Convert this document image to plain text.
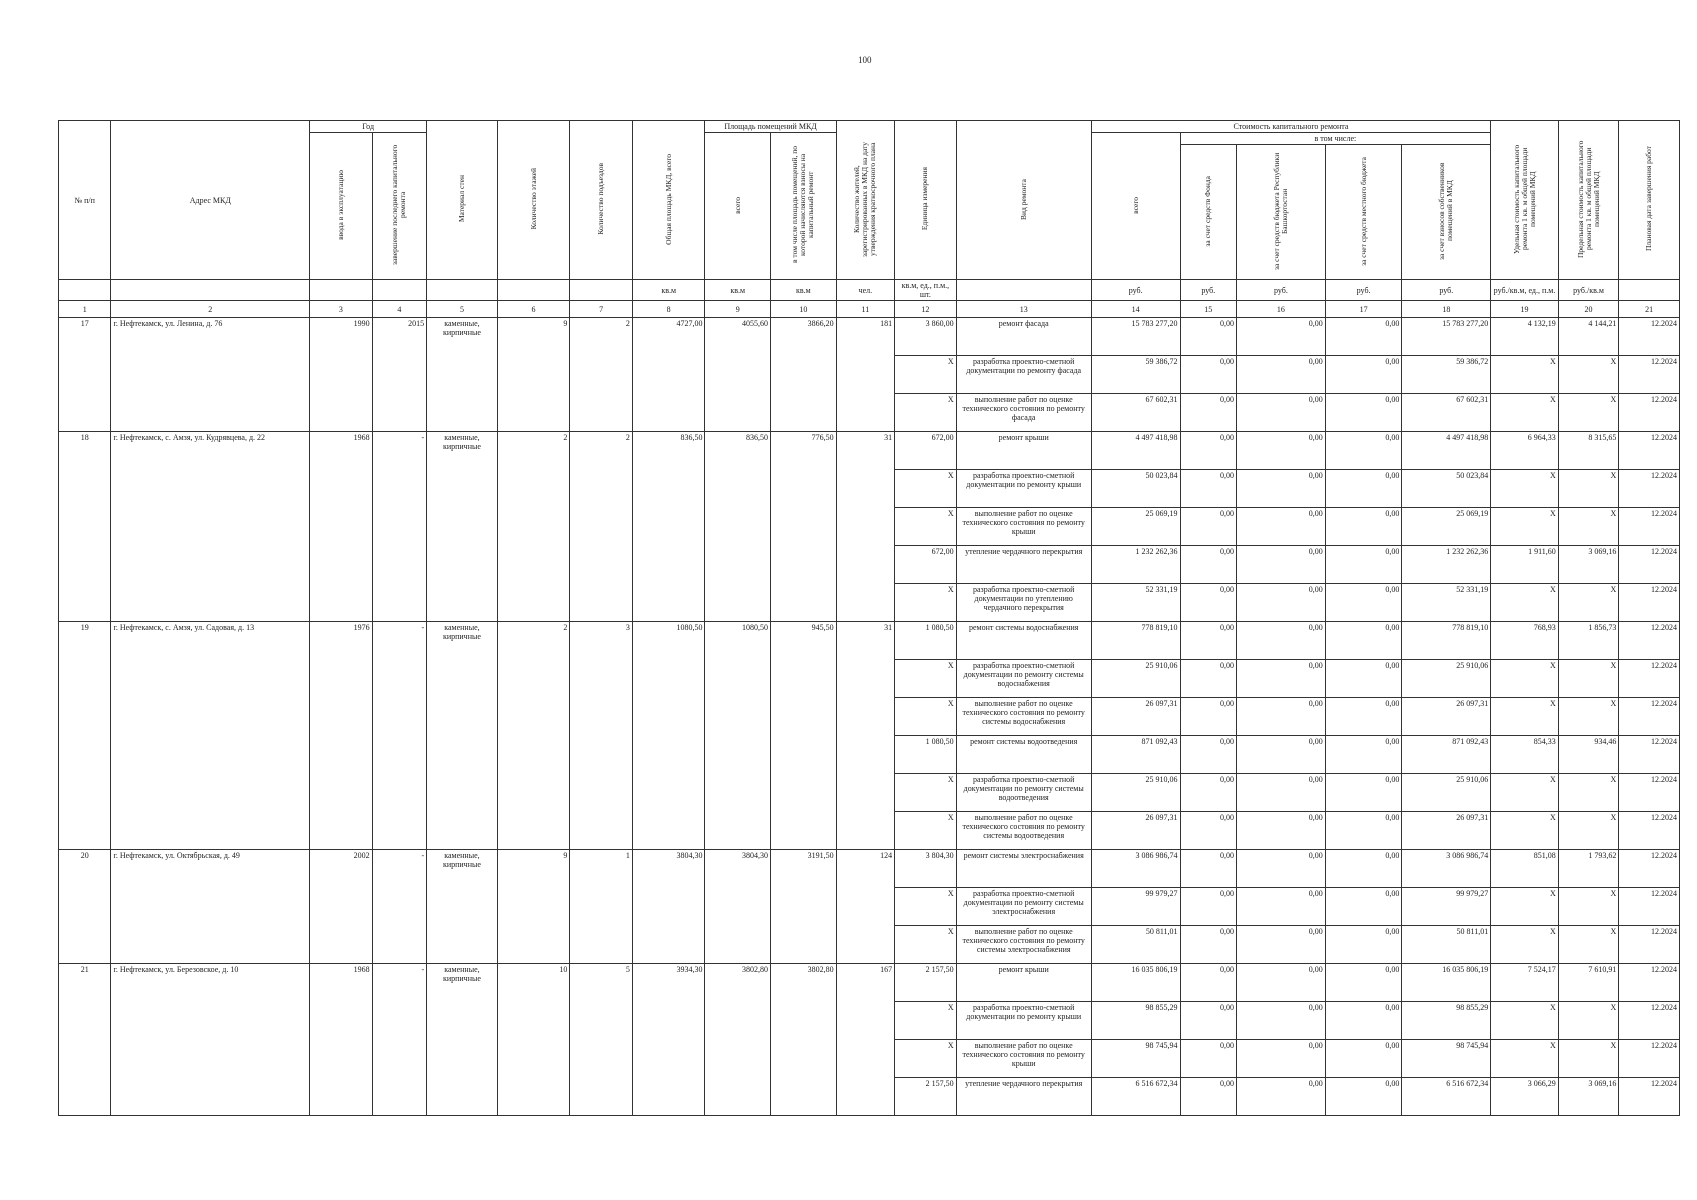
100
№ п/п	Адрес МКД	Год		Материал стен	Количество этажей	Количество подъездов	Общая площадь МКД, всего	Площадь помещений МКД		Количество жителей, зарегистрированных в МКД на дату утверждения краткосрочного плана	Единица измерения	Вид ремонта	Стоимость капитального ремонта					Удельная стоимость капитального ремонта 1 кв. м общей площади помещений МКД	Предельная стоимость капитального ремонта 1 кв. м общей площади помещений МКД	Плановая дата завершения работ
		ввода в эксплуатацию	завершение последнего капитального ремонта					всего	в том числе площадь помещений, по которой начисляются взносы на капитальный ремонт				всего	в том числе:						
														за счет средств Фонда	за счет средств бюджета Республики Башкортостан	за счет средств местного бюджета	за счет взносов собственников помещений в МКД			
							кв.м	кв.м	кв.м	чел.	кв.м, ед., п.м., шт.		руб.	руб.	руб.	руб.	руб.	руб./кв.м, ед., п.м.	руб./кв.м	
1	2	3	4	5	6	7	8	9	10	11	12	13	14	15	16	17	18	19	20	21
17	г. Нефтекамск, ул. Ленина, д. 76	1990	2015	каменные, кирпичные	9	2	4727,00	4055,60	3866,20	181	3 860,00	ремонт фасада	15 783 277,20	0,00	0,00	0,00	15 783 277,20	4 132,19	4 144,21	12.2024
											X	разработка проектно-сметной документации по ремонту фасада	59 386,72	0,00	0,00	0,00	59 386,72	X	X	12.2024
											X	выполнение работ по оценке технического состояния по ремонту фасада	67 602,31	0,00	0,00	0,00	67 602,31	X	X	12.2024
18	г. Нефтекамск, с. Амзя, ул. Кудрявцева, д. 22	1968	-	каменные, кирпичные	2	2	836,50	836,50	776,50	31	672,00	ремонт крыши	4 497 418,98	0,00	0,00	0,00	4 497 418,98	6 964,33	8 315,65	12.2024
											X	разработка проектно-сметной документации по ремонту крыши	50 023,84	0,00	0,00	0,00	50 023,84	X	X	12.2024
											X	выполнение работ по оценке технического состояния по ремонту крыши	25 069,19	0,00	0,00	0,00	25 069,19	X	X	12.2024
											672,00	утепление чердачного перекрытия	1 232 262,36	0,00	0,00	0,00	1 232 262,36	1 911,60	3 069,16	12.2024
											X	разработка проектно-сметной документации по утеплению чердачного перекрытия	52 331,19	0,00	0,00	0,00	52 331,19	X	X	12.2024
19	г. Нефтекамск, с. Амзя, ул. Садовая, д. 13	1976	-	каменные, кирпичные	2	3	1080,50	1080,50	945,50	31	1 080,50	ремонт системы водоснабжения	778 819,10	0,00	0,00	0,00	778 819,10	768,93	1 856,73	12.2024
											X	разработка проектно-сметной документации по ремонту системы водоснабжения	25 910,06	0,00	0,00	0,00	25 910,06	X	X	12.2024
											X	выполнение работ по оценке технического состояния по ремонту системы водоснабжения	26 097,31	0,00	0,00	0,00	26 097,31	X	X	12.2024
											1 080,50	ремонт системы водоотведения	871 092,43	0,00	0,00	0,00	871 092,43	854,33	934,46	12.2024
											X	разработка проектно-сметной документации по ремонту системы водоотведения	25 910,06	0,00	0,00	0,00	25 910,06	X	X	12.2024
											X	выполнение работ по оценке технического состояния по ремонту системы водоотведения	26 097,31	0,00	0,00	0,00	26 097,31	X	X	12.2024
20	г. Нефтекамск, ул. Октябрьская, д. 49	2002	-	каменные, кирпичные	9	1	3804,30	3804,30	3191,50	124	3 804,30	ремонт системы электроснабжения	3 086 986,74	0,00	0,00	0,00	3 086 986,74	851,08	1 793,62	12.2024
											X	разработка проектно-сметной документации по ремонту системы электроснабжения	99 979,27	0,00	0,00	0,00	99 979,27	X	X	12.2024
											X	выполнение работ по оценке технического состояния по ремонту системы электроснабжения	50 811,01	0,00	0,00	0,00	50 811,01	X	X	12.2024
21	г. Нефтекамск, ул. Березовское, д. 10	1968	-	каменные, кирпичные	10	5	3934,30	3802,80	3802,80	167	2 157,50	ремонт крыши	16 035 806,19	0,00	0,00	0,00	16 035 806,19	7 524,17	7 610,91	12.2024
											X	разработка проектно-сметной документации по ремонту крыши	98 855,29	0,00	0,00	0,00	98 855,29	X	X	12.2024
											X	выполнение работ по оценке технического состояния по ремонту крыши	98 745,94	0,00	0,00	0,00	98 745,94	X	X	12.2024
											2 157,50	утепление чердачного перекрытия	6 516 672,34	0,00	0,00	0,00	6 516 672,34	3 066,29	3 069,16	12.2024
